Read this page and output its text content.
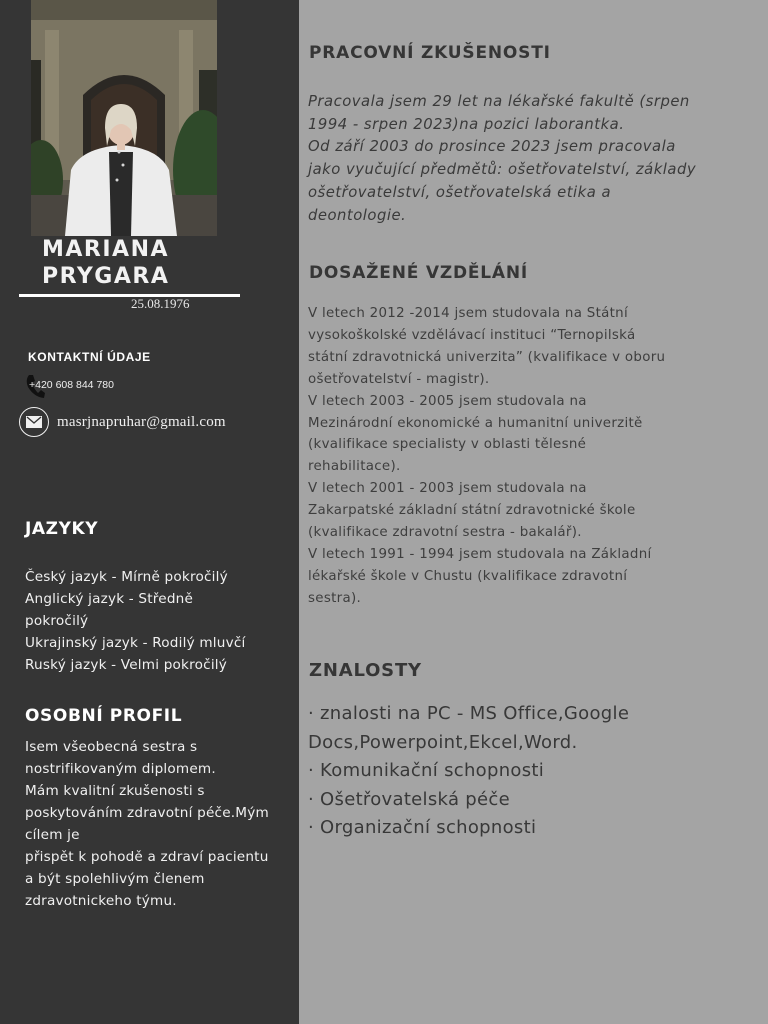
MARIANA
PRYGARA
25.08.1976
KONTAKTNÍ ÚDAJE
+420 608 844 780
masrjnapruhar@gmail.com
JAZYKY
Český jazyk - Mírně pokročilý
Anglický jazyk - Středně
pokročilý
Ukrajinský jazyk - Rodilý mluvčí
Ruský jazyk - Velmi pokročilý
OSOBNÍ PROFIL
Isem všeobecná sestra s
nostrifikovaným diplomem.
Mám kvalitní zkušenosti s
poskytováním zdravotní péče.Mým
cílem je
přispět k pohodě a zdraví pacientu
a být spolehlivým členem
zdravotnickeho týmu.
PRACOVNÍ ZKUŠENOSTI
Pracovala jsem 29 let na lékařské fakultě (srpen
1994 - srpen 2023)na pozici laborantka.
Od září 2003 do prosince 2023 jsem pracovala
jako vyučující předmětů: ošetřovatelství, základy
ošetřovatelství, ošetřovatelská etika a
deontologie.
DOSAŽENÉ VZDĚLÁNÍ
V letech 2012 -2014 jsem studovala na Státní
vysokoškolské vzdělávací instituci “Ternopilská
státní zdravotnická univerzita” (kvalifikace v oboru
ošetřovatelství - magistr).
V letech 2003 - 2005 jsem studovala na
Mezinárodní ekonomické a humanitní univerzitě
(kvalifikace specialisty v oblasti tělesné
rehabilitace).
V letech 2001 - 2003 jsem studovala na
Zakarpatské základní státní zdravotnické škole
(kvalifikace zdravotní sestra - bakalář).
V letech 1991 - 1994 jsem studovala na Základní
lékařské škole v Chustu (kvalifikace zdravotní
sestra).
ZNALOSTY
· znalosti na PC - MS Office,Google
Docs,Powerpoint,Ekcel,Word.
· Komunikační schopnosti
· Ošetřovatelská péče
· Organizační schopnosti
